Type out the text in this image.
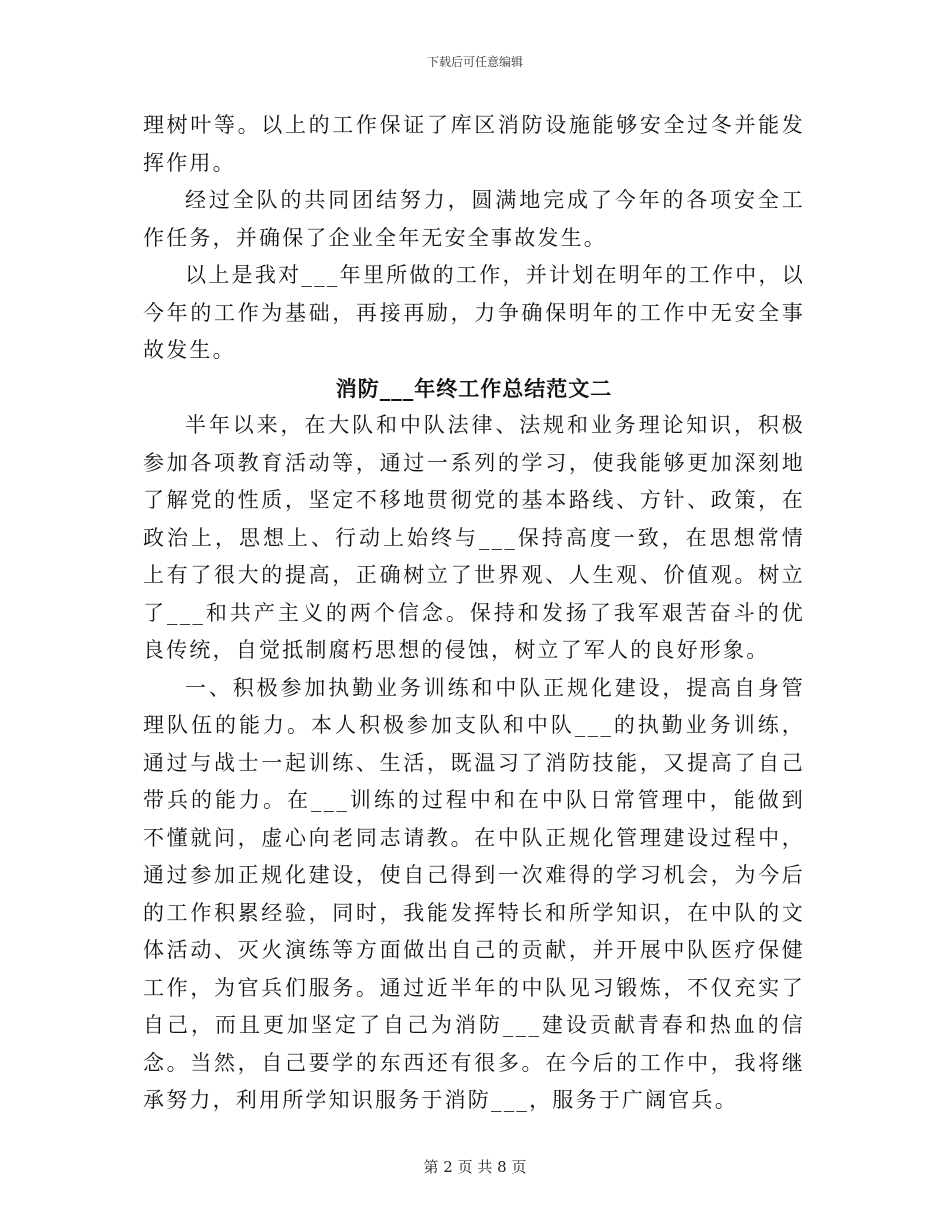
下载后可任意编辑

理树叶等。以上的工作保证了库区消防设施能够安全过冬并能发挥作用。

经过全队的共同团结努力，圆满地完成了今年的各项安全工作任务，并确保了企业全年无安全事故发生。

以上是我对___年里所做的工作，并计划在明年的工作中，以今年的工作为基础，再接再励，力争确保明年的工作中无安全事故发生。

消防___年终工作总结范文二

半年以来，在大队和中队法律、法规和业务理论知识，积极参加各项教育活动等，通过一系列的学习，使我能够更加深刻地了解党的性质，坚定不移地贯彻党的基本路线、方针、政策，在政治上，思想上、行动上始终与___保持高度一致，在思想常情上有了很大的提高，正确树立了世界观、人生观、价值观。树立了___和共产主义的两个信念。保持和发扬了我军艰苦奋斗的优良传统，自觉抵制腐朽思想的侵蚀，树立了军人的良好形象。

一、积极参加执勤业务训练和中队正规化建设，提高自身管理队伍的能力。本人积极参加支队和中队___的执勤业务训练，通过与战士一起训练、生活，既温习了消防技能，又提高了自己带兵的能力。在___训练的过程中和在中队日常管理中，能做到不懂就问，虚心向老同志请教。在中队正规化管理建设过程中，通过参加正规化建设，使自己得到一次难得的学习机会，为今后的工作积累经验，同时，我能发挥特长和所学知识，在中队的文体活动、灭火演练等方面做出自己的贡献，并开展中队医疗保健工作，为官兵们服务。通过近半年的中队见习锻炼，不仅充实了自己，而且更加坚定了自己为消防___建设贡献青春和热血的信念。当然，自己要学的东西还有很多。在今后的工作中，我将继承努力，利用所学知识服务于消防___，服务于广阔官兵。

第 2 页 共 8 页
